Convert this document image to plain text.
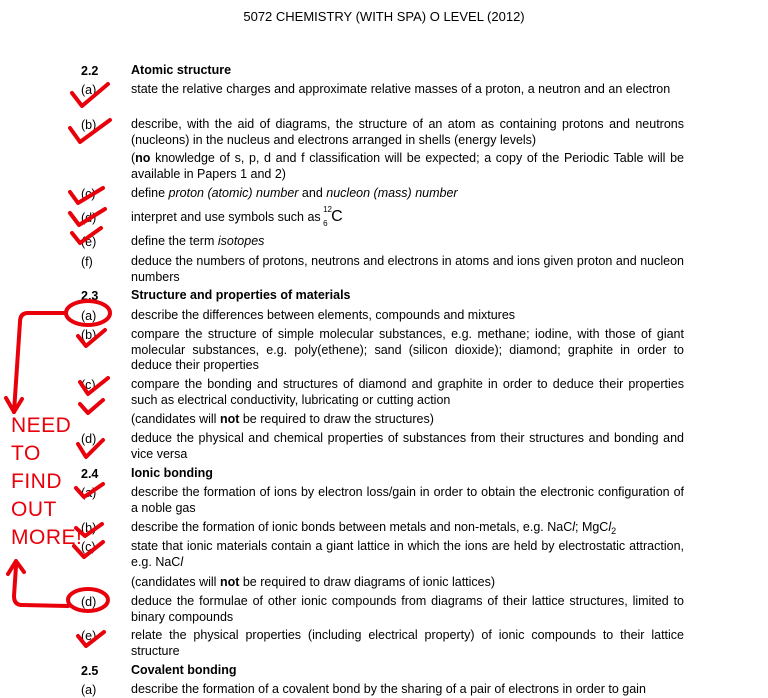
5072 CHEMISTRY (WITH SPA) O LEVEL (2012)
2.2	Atomic structure
(a)	state the relative charges and approximate relative masses of a proton, a neutron and an electron
(b)	describe, with the aid of diagrams, the structure of an atom as containing protons and neutrons (nucleons) in the nucleus and electrons arranged in shells (energy levels)
(no knowledge of s, p, d and f classification will be expected; a copy of the Periodic Table will be available in Papers 1 and 2)
(c)	define proton (atomic) number and nucleon (mass) number
(d)	interpret and use symbols such as
12
6 C
(e)	define the term isotopes
(f)	deduce the numbers of protons, neutrons and electrons in atoms and ions given proton and nucleon numbers
2.3	Structure and properties of materials
(a)	describe the differences between elements, compounds and mixtures
(b)	compare the structure of simple molecular substances, e.g. methane; iodine, with those of giant molecular substances, e.g. poly(ethene); sand (silicon dioxide); diamond; graphite in order to deduce their properties
(c)	compare the bonding and structures of diamond and graphite in order to deduce their properties such as electrical conductivity, lubricating or cutting action
(candidates will not be required to draw the structures)
(d)	deduce the physical and chemical properties of substances from their structures and bonding and vice versa
2.4	Ionic bonding
(a)	describe the formation of ions by electron loss/gain in order to obtain the electronic configuration of a noble gas
(b)	describe the formation of ionic bonds between metals and non-metals, e.g. NaCl; MgCl$_2$
(c)	state that ionic materials contain a giant lattice in which the ions are held by electrostatic attraction, e.g. NaCl
(candidates will not be required to draw diagrams of ionic lattices)
(d)	deduce the formulae of other ionic compounds from diagrams of their lattice structures, limited to binary compounds
(e)	relate the physical properties (including electrical property) of ionic compounds to their lattice structure
2.5	Covalent bonding
(a)	describe the formation of a covalent bond by the sharing of a pair of electrons in order to gain
NEED
TO
FIND
OUT
MORE!
